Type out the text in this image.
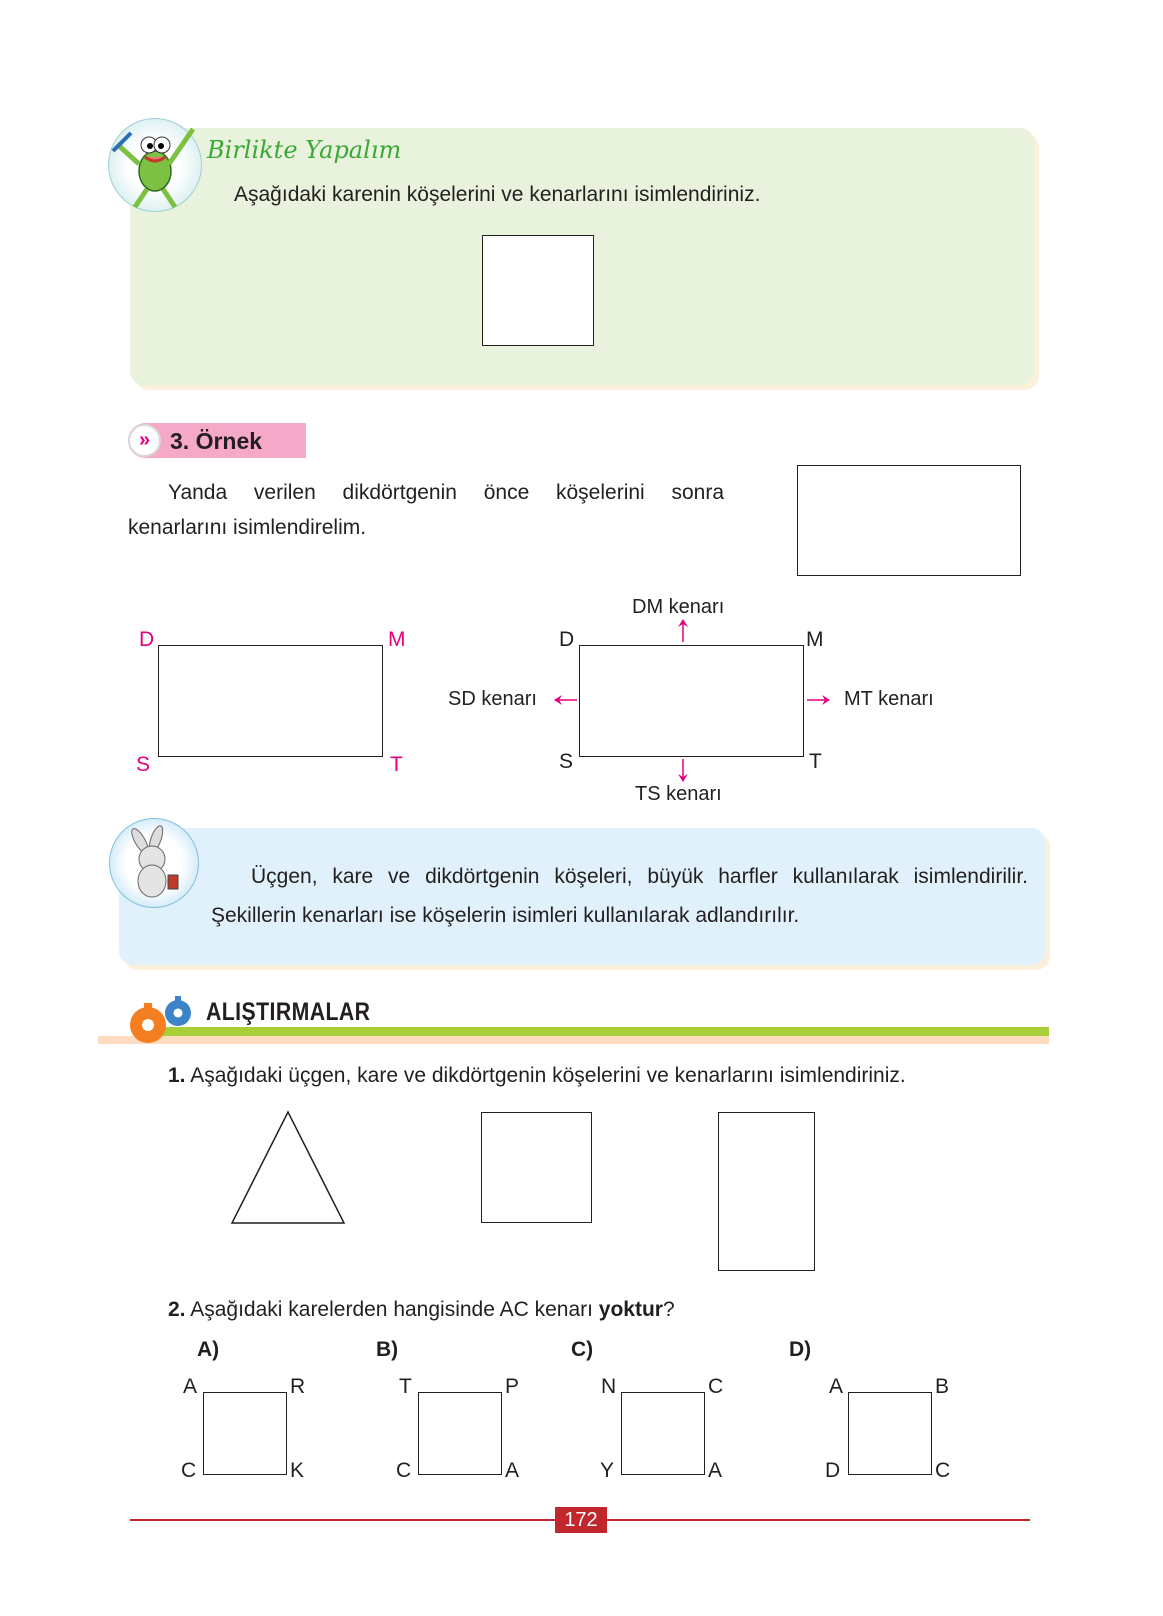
Birlikte Yapalım
Aşağıdaki karenin köşelerini ve kenarlarını isimlendiriniz.
» 3. Örnek
Yanda verilen dikdörtgenin önce köşelerini sonra kenarlarını isimlendirelim.
D	M
S	T
D	M
S	T
DM kenarı
SD kenarı	MT kenarı
TS kenarı
Üçgen, kare ve dikdörtgenin köşeleri, büyük harfler kullanılarak isimlendirilir. Şekillerin kenarları ise köşelerin isimleri kullanılarak adlandırılır.
ALIŞTIRMALAR
1. Aşağıdaki üçgen, kare ve dikdörtgenin köşelerini ve kenarlarını isimlendiriniz.
2. Aşağıdaki karelerden hangisinde AC kenarı yoktur?
A)
A	R
C	K
B)
T	P
C	A
C)
N	C
Y	A
D)
A	B
D	C
172
